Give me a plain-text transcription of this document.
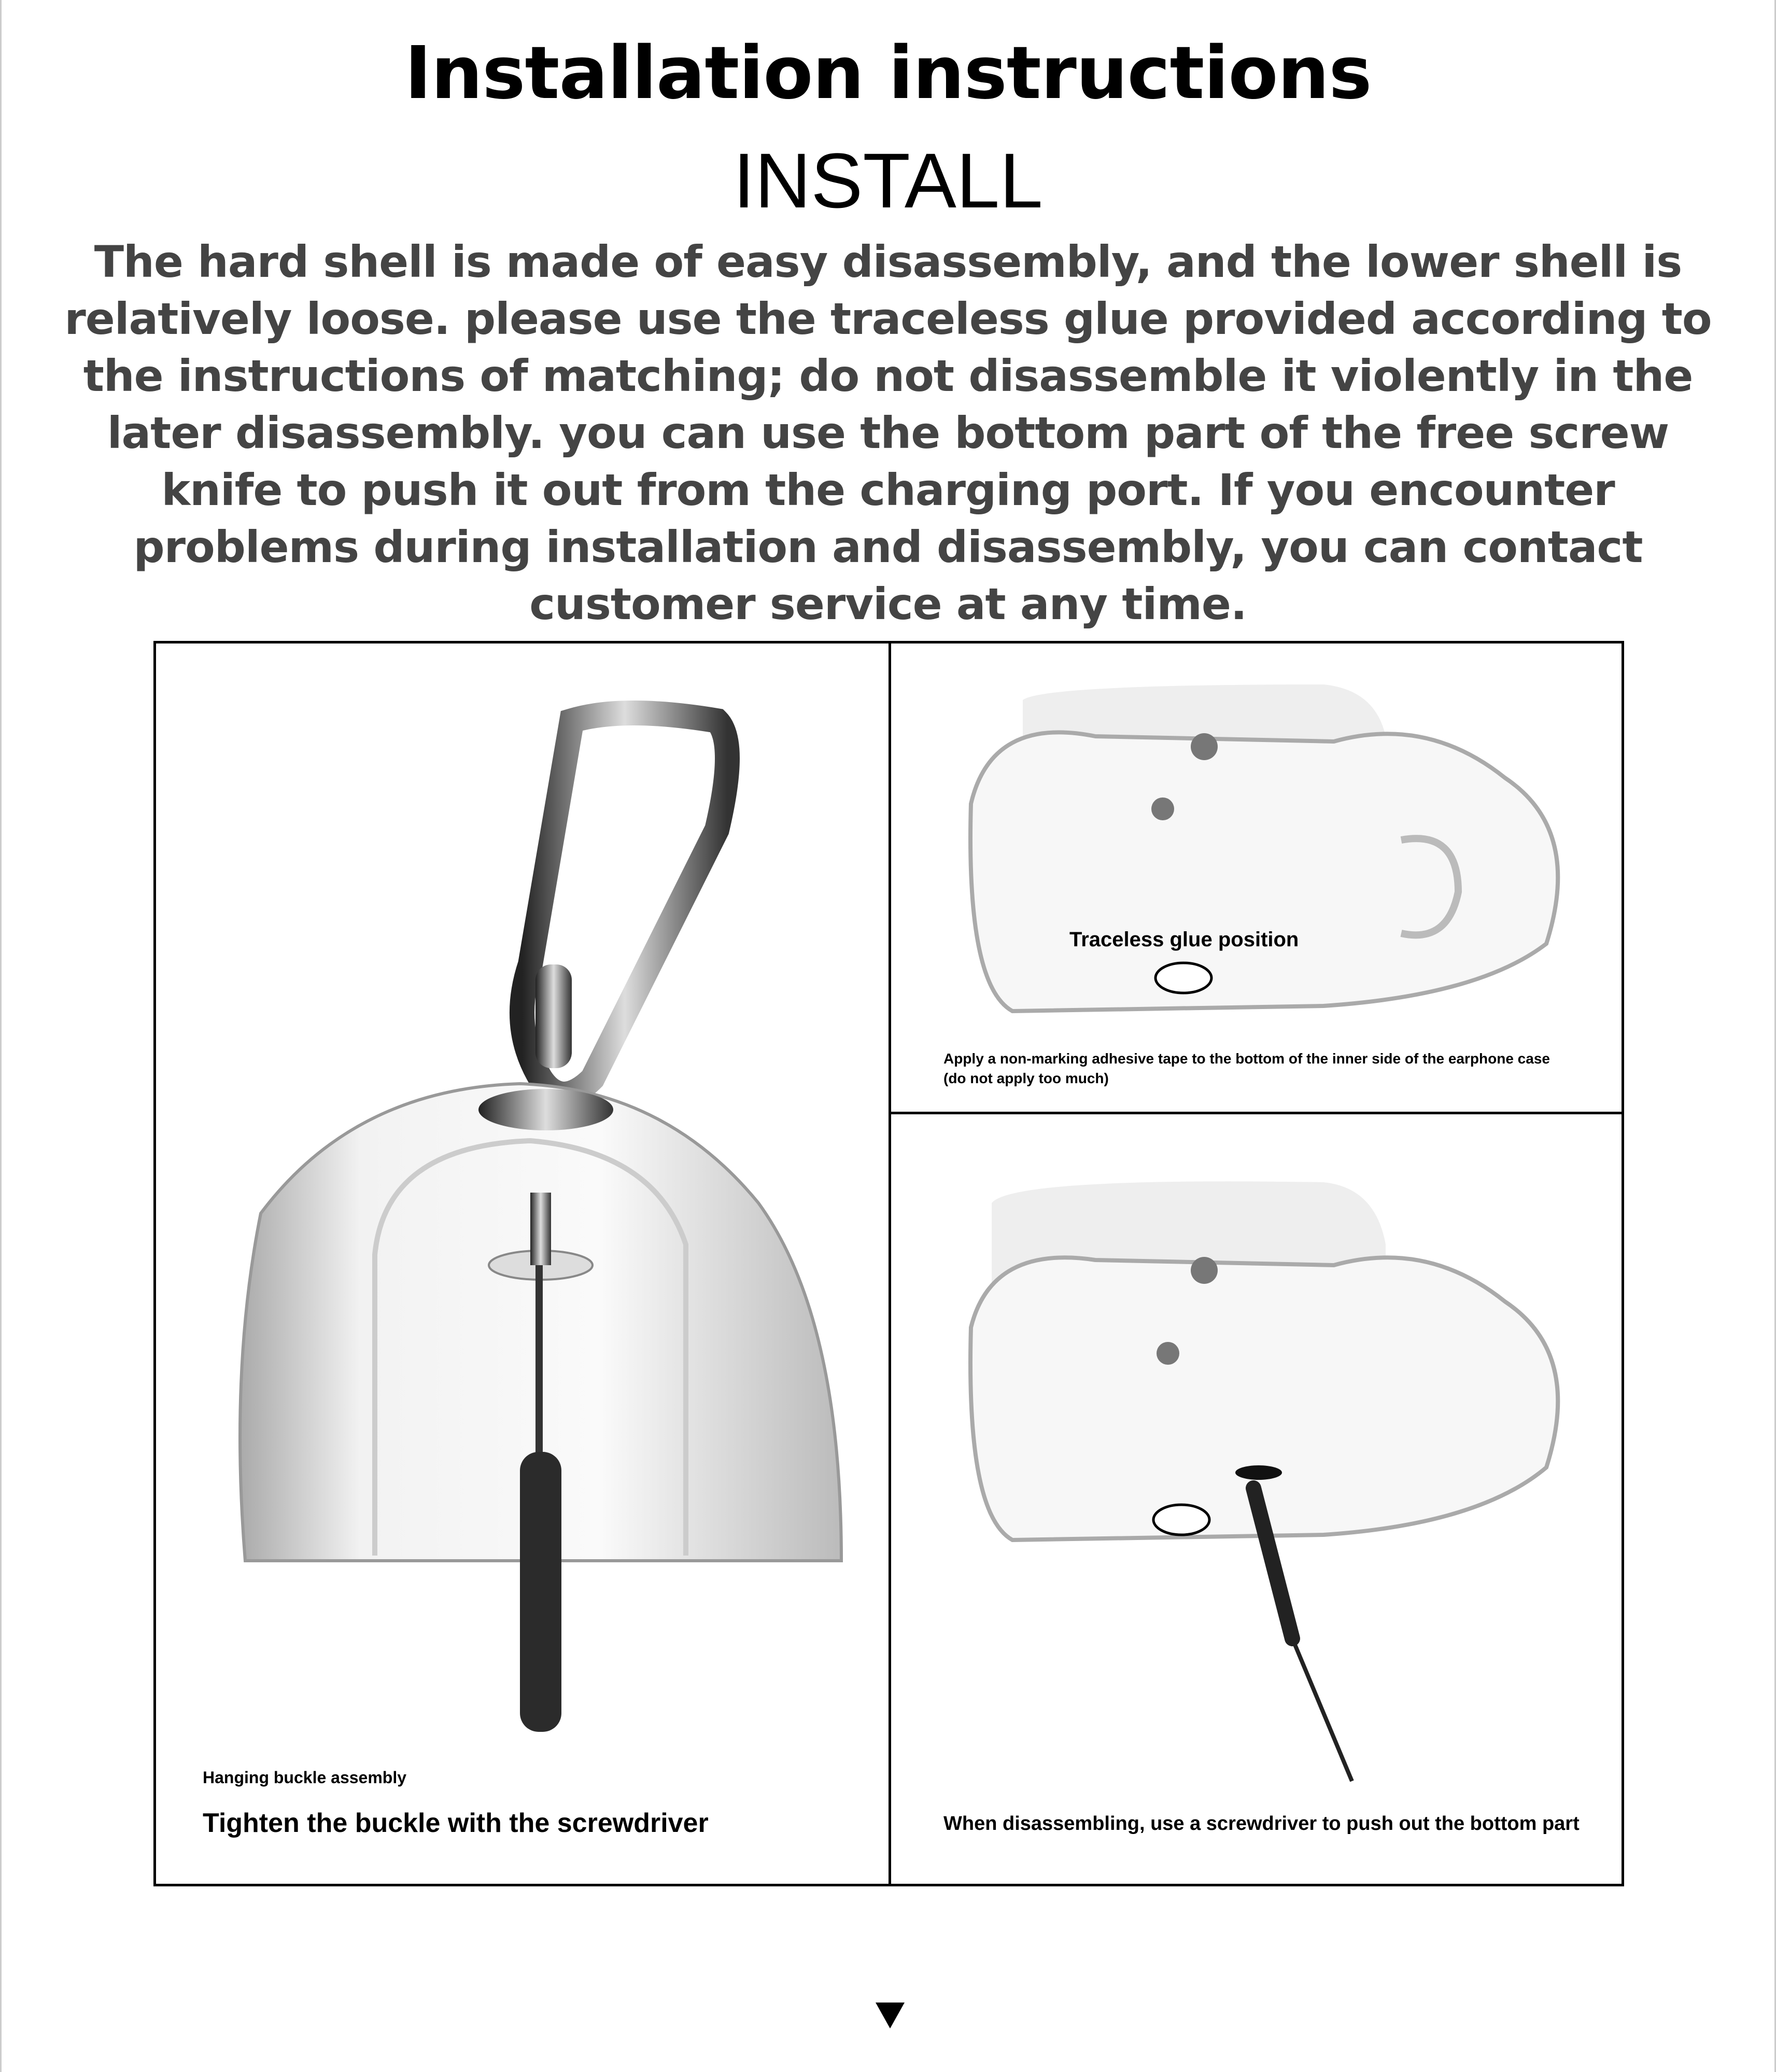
Installation instructions
INSTALL
The hard shell is made of easy disassembly, and the lower shell is relatively loose. please use the traceless glue provided according to the instructions of matching; do not disassemble it violently in the later disassembly. you can use the bottom part of the free screw knife to push it out from the charging port. If you encounter problems during installation and disassembly, you can contact customer service at any time.
Hanging buckle assembly
Tighten the buckle with the screwdriver
Traceless glue position
Apply a non-marking adhesive tape to the bottom of the inner side of the earphone case
(do not apply too much)
When disassembling, use a screwdriver to push out the bottom part
